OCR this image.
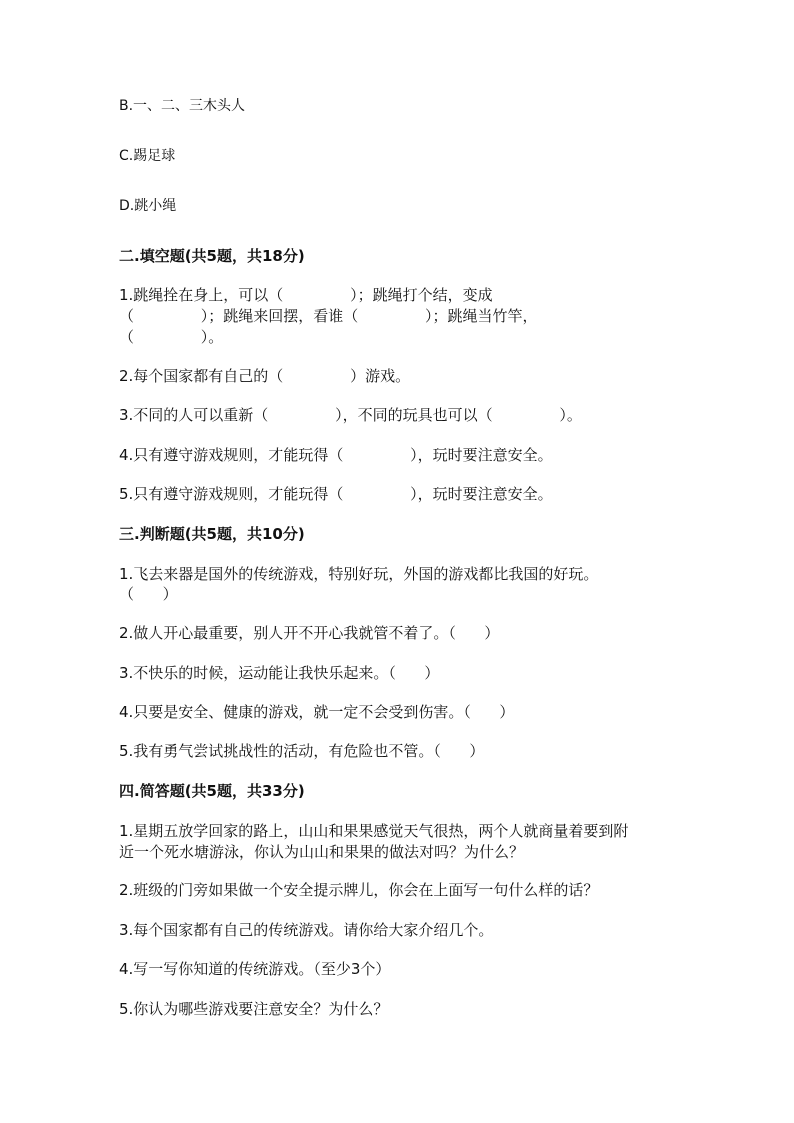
B.一、二、三木头人
C.踢足球
D.跳小绳
二.填空题(共5题，共18分)
1.跳绳拴在身上，可以（              ）；跳绳打个结，变成
（              ）；跳绳来回摆，看谁（              ）；跳绳当竹竿，
（              ）。
2.每个国家都有自己的（              ）游戏。
3.不同的人可以重新（              ），不同的玩具也可以（              ）。
4.只有遵守游戏规则，才能玩得（              ），玩时要注意安全。
5.只有遵守游戏规则，才能玩得（              ），玩时要注意安全。
三.判断题(共5题，共10分)
1.飞去来器是国外的传统游戏，特别好玩，外国的游戏都比我国的好玩。
（      ）
2.做人开心最重要，别人开不开心我就管不着了。（      ）
3.不快乐的时候，运动能让我快乐起来。（      ）
4.只要是安全、健康的游戏，就一定不会受到伤害。（      ）
5.我有勇气尝试挑战性的活动，有危险也不管。（      ）
四.简答题(共5题，共33分)
1.星期五放学回家的路上，山山和果果感觉天气很热，两个人就商量着要到附
近一个死水塘游泳，你认为山山和果果的做法对吗？为什么？
2.班级的门旁如果做一个安全提示牌儿，你会在上面写一句什么样的话？
3.每个国家都有自己的传统游戏。请你给大家介绍几个。
4.写一写你知道的传统游戏。（至少3个）
5.你认为哪些游戏要注意安全？为什么？
